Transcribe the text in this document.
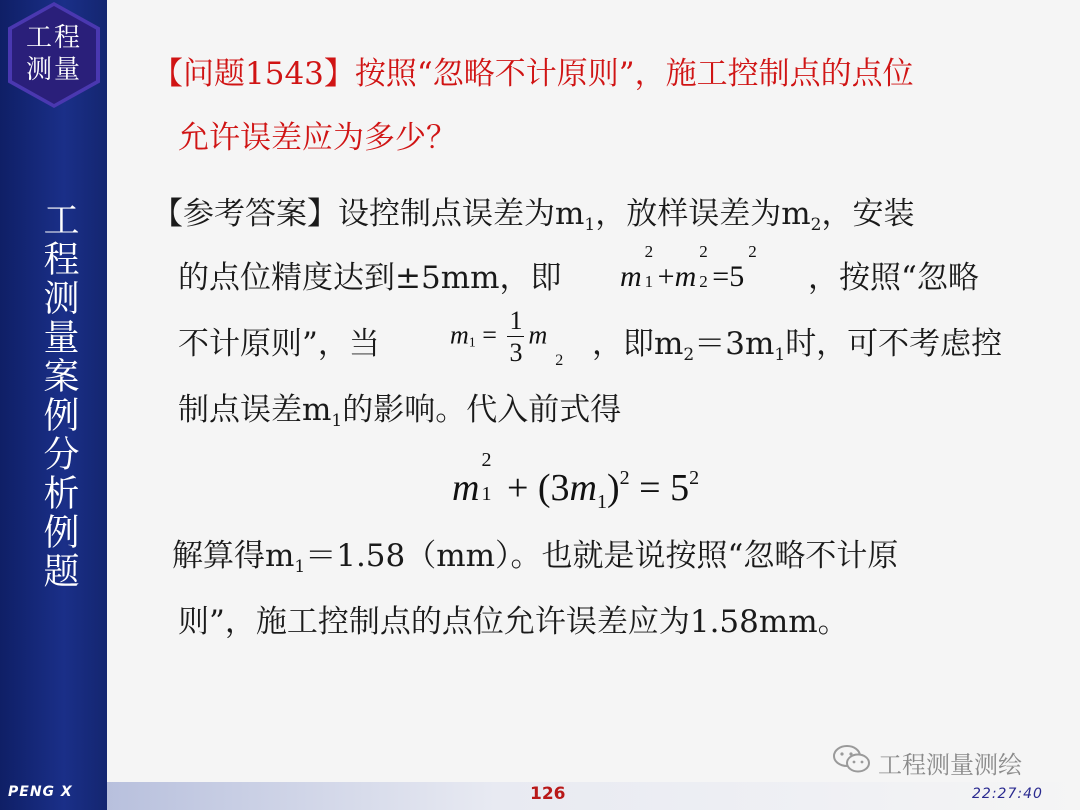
工程
测量
工程测量案例分析例题
PENG X
【问题1543】按照“忽略不计原则”，施工控制点的点位
允许误差应为多少？
【参考答案】设控制点误差为$m_1$，放样误差为$m_2$，安装
的点位精度达到±5mm，即 m
2
1 +m
2
2 =5
2
，按照“忽略
不计原则”，当	$m_1 = \frac{1}{3} m_2$ ，即$m_2=3m_1$时，可不考虑控
制点误差$m_1$的影响。代入前式得
m
2
$1 + (3m_1)^2 = 5^2$
解算得$m_1=1.58(mm)$。也就是说按照“忽略不计原
则”，施工控制点的点位允许误差应为1.58mm。
工程测量测绘
126	22:27:40
